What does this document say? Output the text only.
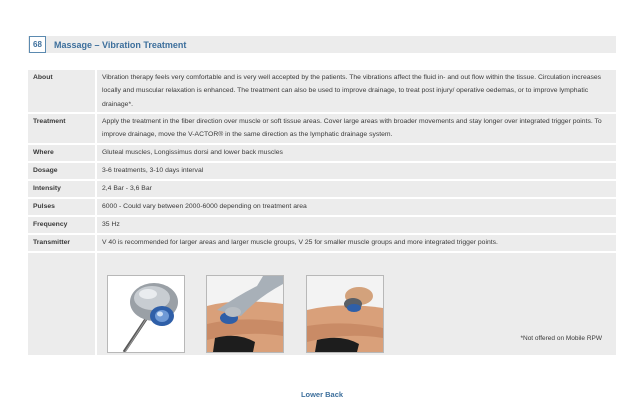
68	Massage – Vibration Treatment
About	Vibration therapy feels very comfortable and is very well accepted by the patients. The vibrations affect the fluid in- and out flow within the tissue. Circulation increases locally and muscular relaxation is enhanced. The treatment can also be used to improve drainage, to treat post injury/ operative oedemas, or to improve lymphatic drainage*.
Treatment	Apply the treatment in the fiber direction over muscle or soft tissue areas. Cover large areas with broader movements and stay longer over integrated trigger points. To improve drainage, move the V-ACTOR® in the same direction as the lymphatic drainage system.
Where	Gluteal muscles, Longissimus dorsi and lower back muscles
Dosage	3-6 treatments, 3-10 days interval
Intensity	2,4 Bar - 3,6 Bar
Pulses	6000 - Could vary between 2000-6000 depending on treatment area
Frequency	35 Hz
Transmitter	V 40 is recommended for larger areas and larger muscle groups, V 25 for smaller muscle groups and more integrated trigger points.

	*Not offered on Mobile RPW
Lower Back
